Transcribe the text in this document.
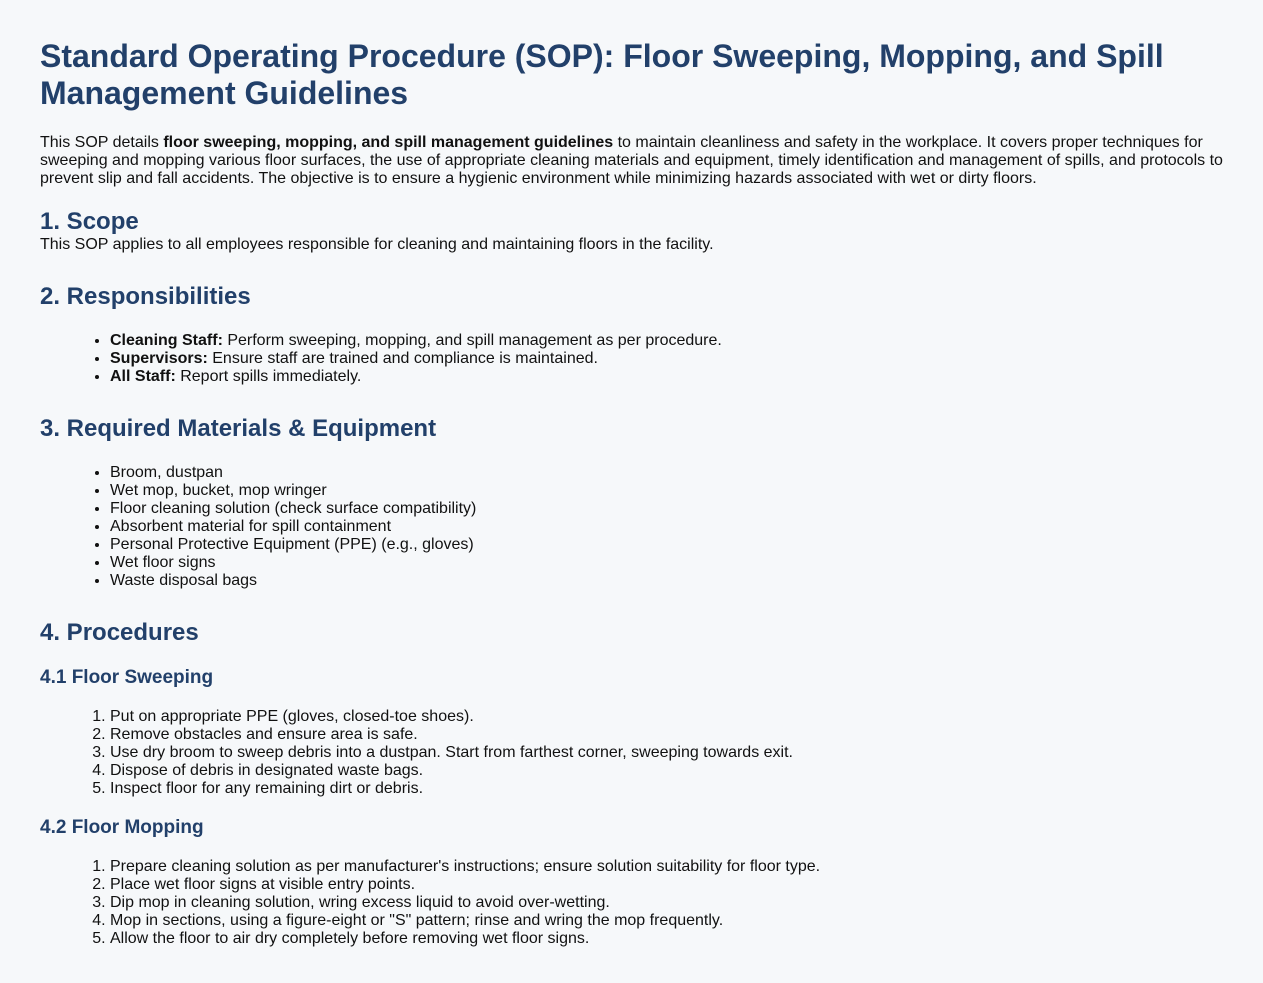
Standard Operating Procedure (SOP): Floor Sweeping, Mopping, and Spill Management Guidelines

This SOP details floor sweeping, mopping, and spill management guidelines to maintain cleanliness and safety in the workplace. It covers proper techniques for sweeping and mopping various floor surfaces, the use of appropriate cleaning materials and equipment, timely identification and management of spills, and protocols to prevent slip and fall accidents. The objective is to ensure a hygienic environment while minimizing hazards associated with wet or dirty floors.

1. Scope

This SOP applies to all employees responsible for cleaning and maintaining floors in the facility.

2. Responsibilities
• Cleaning Staff: Perform sweeping, mopping, and spill management as per procedure.
• Supervisors: Ensure staff are trained and compliance is maintained.
• All Staff: Report spills immediately.
3. Required Materials & Equipment
• Broom, dustpan
• Wet mop, bucket, mop wringer
• Floor cleaning solution (check surface compatibility)
• Absorbent material for spill containment
• Personal Protective Equipment (PPE) (e.g., gloves)
• Wet floor signs
• Waste disposal bags
4. Procedures
4.1 Floor Sweeping
1. Put on appropriate PPE (gloves, closed-toe shoes).
2. Remove obstacles and ensure area is safe.
3. Use dry broom to sweep debris into a dustpan. Start from farthest corner, sweeping towards exit.
4. Dispose of debris in designated waste bags.
5. Inspect floor for any remaining dirt or debris.
4.2 Floor Mopping
1. Prepare cleaning solution as per manufacturer's instructions; ensure solution suitability for floor type.
2. Place wet floor signs at visible entry points.
3. Dip mop in cleaning solution, wring excess liquid to avoid over-wetting.
4. Mop in sections, using a figure-eight or "S" pattern; rinse and wring the mop frequently.
5. Allow the floor to air dry completely before removing wet floor signs.
